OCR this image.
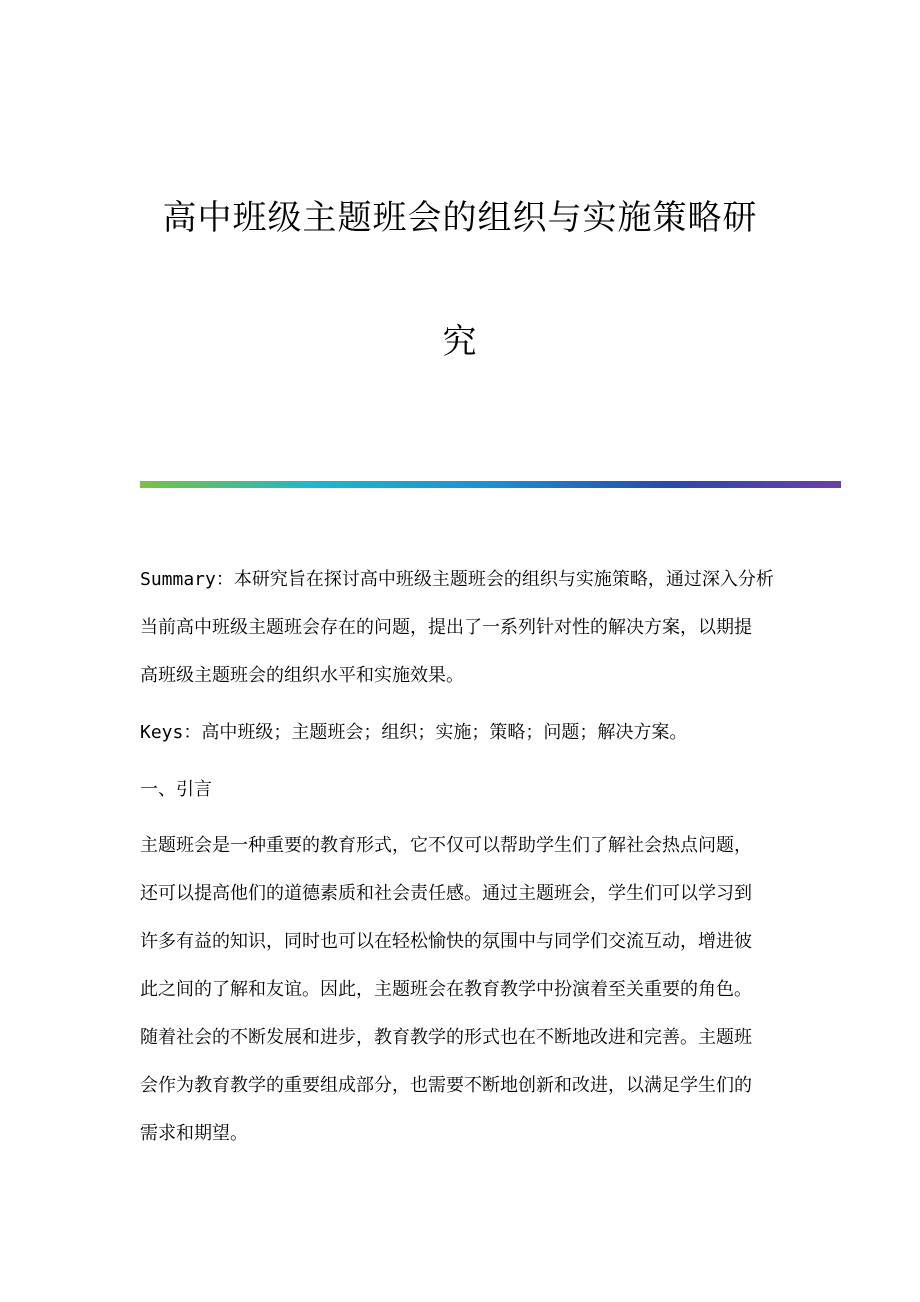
高中班级主题班会的组织与实施策略研
究

Summary：本研究旨在探讨高中班级主题班会的组织与实施策略，通过深入分析

当前高中班级主题班会存在的问题，提出了一系列针对性的解决方案，以期提

高班级主题班会的组织水平和实施效果。

Keys：高中班级；主题班会；组织；实施；策略；问题；解决方案。

一、引言

主题班会是一种重要的教育形式，它不仅可以帮助学生们了解社会热点问题，

还可以提高他们的道德素质和社会责任感。通过主题班会，学生们可以学习到

许多有益的知识，同时也可以在轻松愉快的氛围中与同学们交流互动，增进彼

此之间的了解和友谊。因此，主题班会在教育教学中扮演着至关重要的角色。

随着社会的不断发展和进步，教育教学的形式也在不断地改进和完善。主题班

会作为教育教学的重要组成部分，也需要不断地创新和改进，以满足学生们的

需求和期望。
